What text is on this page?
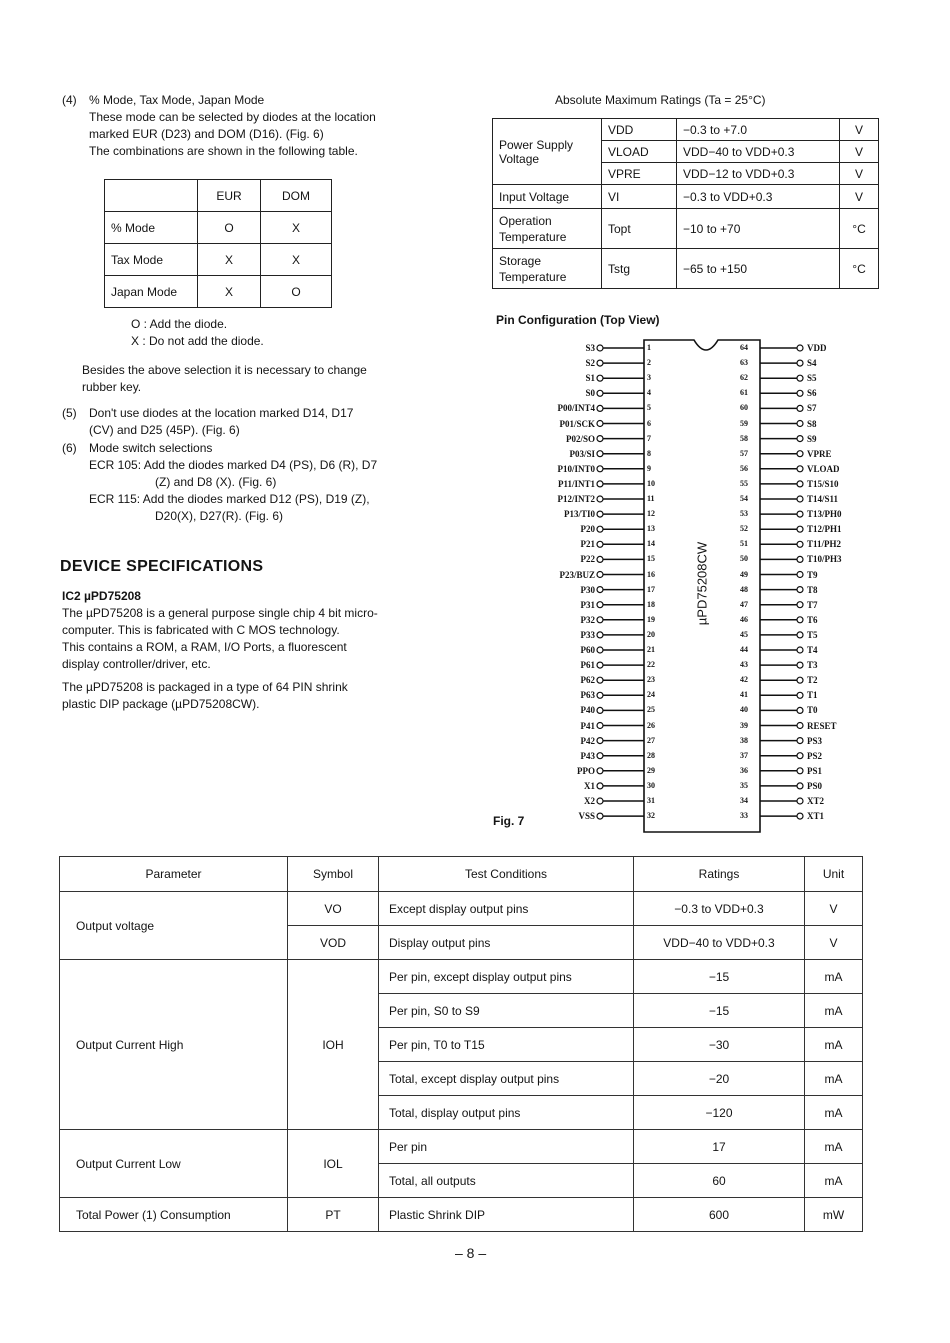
(4) % Mode, Tax Mode, Japan Mode
These mode can be selected by diodes at the location
marked EUR (D23) and DOM (D16). (Fig. 6)
The combinations are shown in the following table.
	EUR	DOM
% Mode	O	X
Tax Mode	X	X
Japan Mode	X	O
O : Add the diode.
X : Do not add the diode.
Besides the above selection it is necessary to change
rubber key.
(5) Don't use diodes at the location marked D14, D17
(CV) and D25 (45P). (Fig. 6)
(6) Mode switch selections
ECR 105: Add the diodes marked D4 (PS), D6 (R), D7
(Z) and D8 (X). (Fig. 6)
ECR 115: Add the diodes marked D12 (PS), D19 (Z),
D20(X), D27(R). (Fig. 6)
DEVICE SPECIFICATIONS
IC2 µPD75208
The µPD75208 is a general purpose single chip 4 bit micro-
computer. This is fabricated with C MOS technology.
This contains a ROM, a RAM, I/O Ports, a fluorescent
display controller/driver, etc.
The µPD75208 is packaged in a type of 64 PIN shrink
plastic DIP package (µPD75208CW).
Absolute Maximum Ratings (Ta = 25°C)
Power Supply
Voltage	VDD	−0.3 to +7.0	V
	VLOAD	VDD−40 to VDD+0.3	V
	VPRE	VDD−12 to VDD+0.3	V
Input Voltage	VI	−0.3 to VDD+0.3	V
Operation
Temperature	Topt	−10 to +70	°C
Storage
Temperature	Tstg	−65 to +150	°C
Pin Configuration (Top View)
S3	1
S2	2
S1	3
S0	4
P00/INT4	5
P01/SCK	6
P02/SO	7
P03/SI	8
P10/INT0	9
P11/INT1	10
P12/INT2	11
P13/TI0	12
P20	13
P21	14
P22	15
P23/BUZ	16
P30	17
P31	18
P32	19
P33	20
P60	21
P61	22
P62	23
P63	24
P40	25
P41	26
P42	27
P43	28
PPO	29
X1	30
X2	31
VSS	32
VDD
64
S4
63
S5
62
S6
61
S7
60
S8
59
S9
58
VPRE
57
VLOAD
56
T15/S10
55
T14/S11
54
T13/PH0
53
T12/PH1
52
T11/PH2
51
T10/PH3
50
T9
49
T8
48
T7
47
T6
46
T5
45
T4
44
T3
43
T2
42
T1
41
T0
40
RESET
39
PS3
38
PS2
37
PS1
36
PS0
35
XT2
34
XT1
33
µPD75208CW
Fig. 7
Parameter	Symbol	Test Conditions	Ratings	Unit
Output voltage	VO	Except display output pins	−0.3 to VDD+0.3	V
	VOD	Display output pins	VDD−40 to VDD+0.3	V
Output Current High	IOH	Per pin, except display output pins	−15	mA
		Per pin, S0 to S9	−15	mA
		Per pin, T0 to T15	−30	mA
		Total, except display output pins	−20	mA
		Total, display output pins	−120	mA
Output Current Low	IOL	Per pin	17	mA
		Total, all outputs	60	mA
Total Power (1) Consumption	PT	Plastic Shrink DIP	600	mW
– 8 –
